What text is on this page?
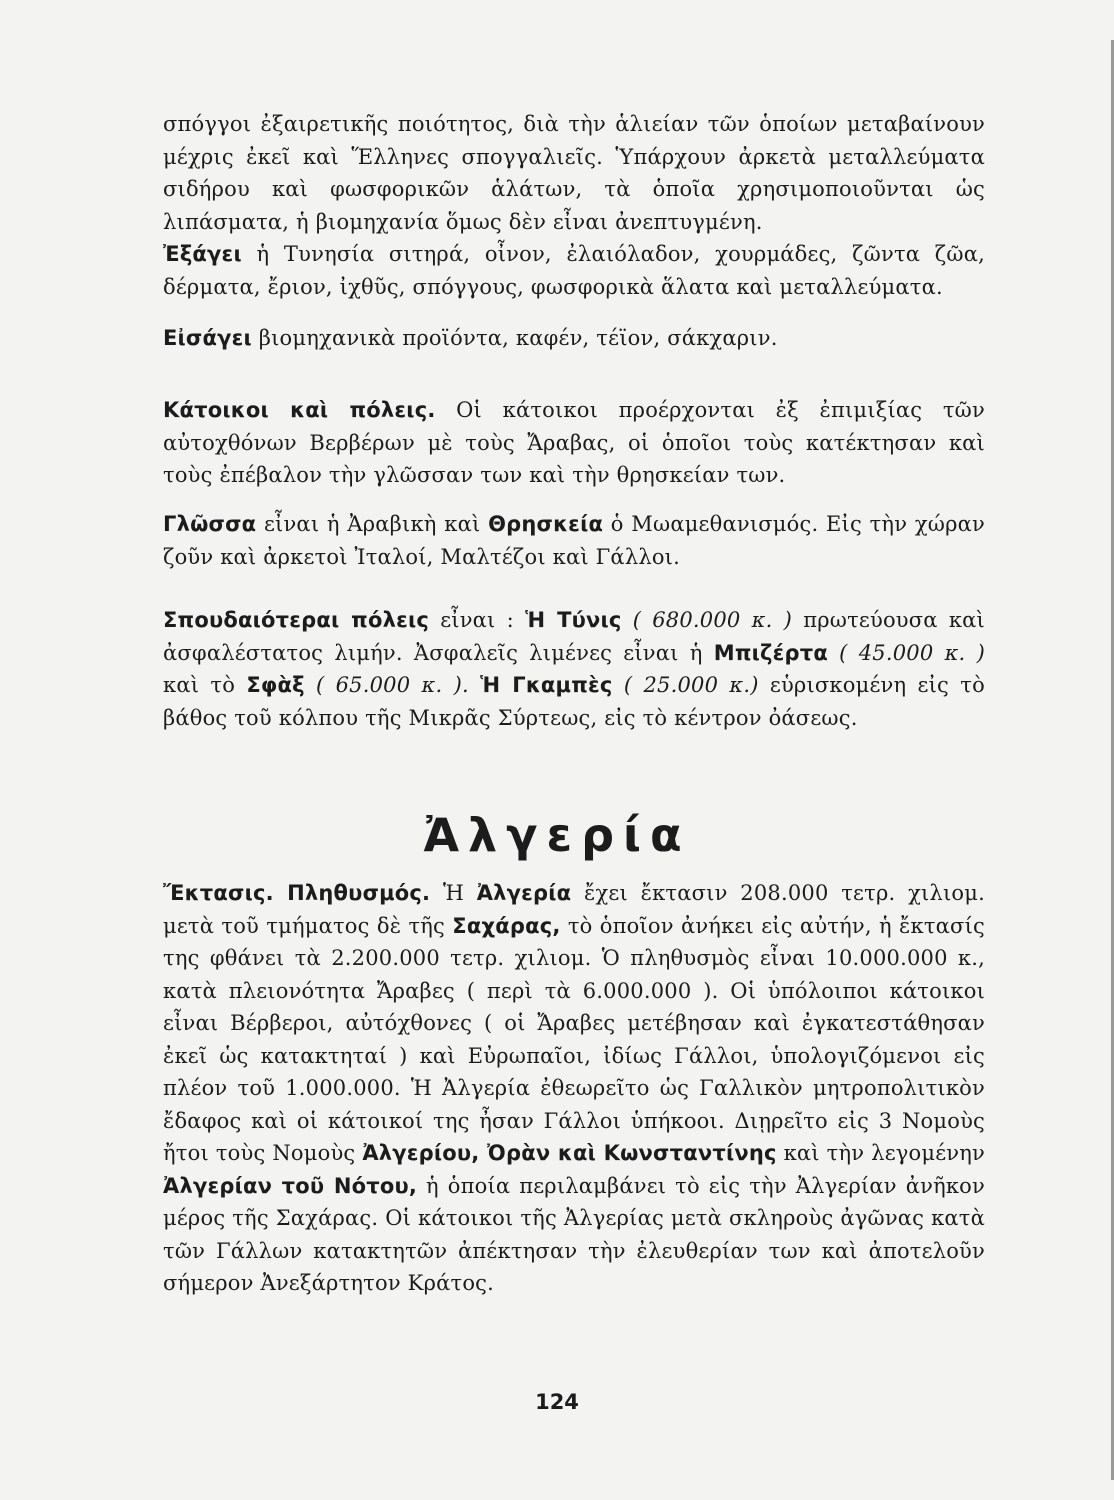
σπόγγοι ἐξαιρετικῆς ποιότητος, διὰ τὴν ἁλιείαν τῶν ὁποίων μεταβαίνουν μέχρις ἐκεῖ καὶ Ἕλληνες σπογγαλιεῖς. Ὑπάρχουν ἀρκετὰ μεταλλεύματα σιδήρου καὶ φωσφορικῶν ἁλάτων, τὰ ὁποῖα χρησιμοποιοῦνται ὡς λιπάσματα, ἡ βιομηχανία ὅμως δὲν εἶναι ἀνεπτυγμένη.

Ἐξάγει ἡ Τυνησία σιτηρά, οἶνον, ἐλαιόλαδον, χουρμάδες, ζῶντα ζῶα, δέρματα, ἔριον, ἰχθῦς, σπόγγους, φωσφορικὰ ἅλατα καὶ μεταλλεύματα.

Εἰσάγει βιομηχανικὰ προϊόντα, καφέν, τέϊον, σάκχαριν.

Κάτοικοι καὶ πόλεις. Οἱ κάτοικοι προέρχονται ἐξ ἐπιμιξίας τῶν αὐτοχθόνων Βερβέρων μὲ τοὺς Ἄραβας, οἱ ὁποῖοι τοὺς κατέκτησαν καὶ τοὺς ἐπέβαλον τὴν γλῶσσαν των καὶ τὴν θρησκείαν των.

Γλῶσσα εἶναι ἡ Ἀραβικὴ καὶ Θρησκεία ὁ Μωαμεθανισμός. Εἰς τὴν χώραν ζοῦν καὶ ἀρκετοὶ Ἰταλοί, Μαλτέζοι καὶ Γάλλοι.

Σπουδαιότεραι πόλεις εἶναι : Ἡ Τύνις ( 680.000 κ. ) πρωτεύουσα καὶ ἀσφαλέστατος λιμήν. Ἀσφαλεῖς λιμένες εἶναι ἡ Μπιζέρτα ( 45.000 κ. ) καὶ τὸ Σφὰξ ( 65.000 κ. ). Ἡ Γκαμπὲς ( 25.000 κ.) εὑρισκομένη εἰς τὸ βάθος τοῦ κόλπου τῆς Μικρᾶς Σύρτεως, εἰς τὸ κέντρον ὀάσεως.

Ἀλγερία

Ἔκτασις. Πληθυσμός. Ἡ Ἀλγερία ἔχει ἔκτασιν 208.000 τετρ. χιλιομ. μετὰ τοῦ τμήματος δὲ τῆς Σαχάρας, τὸ ὁποῖον ἀνήκει εἰς αὐτήν, ἡ ἔκτασίς της φθάνει τὰ 2.200.000 τετρ. χιλιομ. Ὁ πληθυσμὸς εἶναι 10.000.000 κ., κατὰ πλειονότητα Ἄραβες ( περὶ τὰ 6.000.000 ). Οἱ ὑπόλοιποι κάτοικοι εἶναι Βέρβεροι, αὐτόχθονες ( οἱ Ἄραβες μετέβησαν καὶ ἐγκατεστάθησαν ἐκεῖ ὡς κατακτηταί ) καὶ Εὐρωπαῖοι, ἰδίως Γάλλοι, ὑπολογιζόμενοι εἰς πλέον τοῦ 1.000.000. Ἡ Ἀλγερία ἐθεωρεῖτο ὡς Γαλλικὸν μητροπολιτικὸν ἔδαφος καὶ οἱ κάτοικοί της ἦσαν Γάλλοι ὑπήκοοι. Διῃρεῖτο εἰς 3 Νομοὺς ἤτοι τοὺς Νομοὺς Ἀλγερίου, Ὀρὰν καὶ Κωνσταντίνης καὶ τὴν λεγομένην Ἀλγερίαν τοῦ Νότου, ἡ ὁποία περιλαμβάνει τὸ εἰς τὴν Ἀλγερίαν ἀνῆκον μέρος τῆς Σαχάρας. Οἱ κάτοικοι τῆς Ἀλγερίας μετὰ σκληροὺς ἀγῶνας κατὰ τῶν Γάλλων κατακτητῶν ἀπέκτησαν τὴν ἐλευθερίαν των καὶ ἀποτελοῦν σήμερον Ἀνεξάρτητον Κράτος.

124
